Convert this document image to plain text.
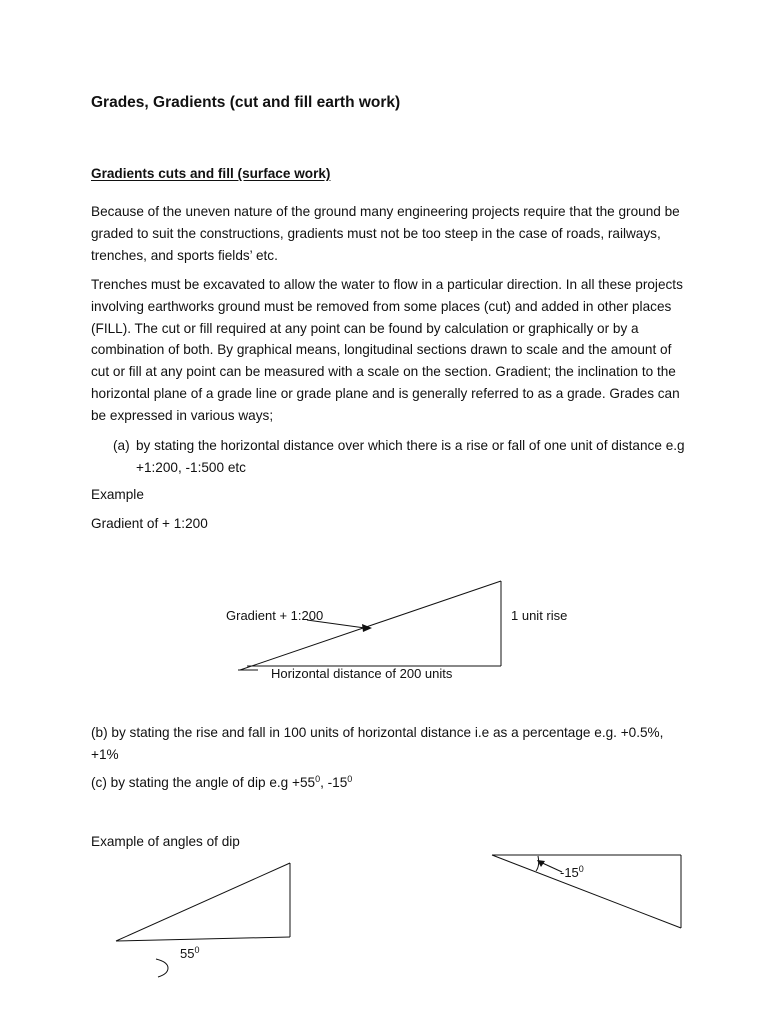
Grades, Gradients (cut and fill earth work)
Gradients cuts and fill (surface work)
Because of the uneven nature of the ground many engineering projects require that the ground be graded to suit the constructions, gradients must not be too steep in the case of roads, railways, trenches, and sports fields’ etc.
Trenches must be excavated to allow the water to flow in a particular direction. In all these projects involving earthworks ground must be removed from some places (cut) and added in other places (FILL). The cut or fill required at any point can be found by calculation or graphically or by a combination of both. By graphical means, longitudinal sections drawn to scale and the amount of cut or fill at any point can be measured with a scale on the section. Gradient; the inclination to the horizontal plane of a grade line or grade plane and is generally referred to as a grade. Grades can be expressed in various ways;
(a) by stating the horizontal distance over which there is a rise or fall of one unit of distance e.g +1:200, -1:500 etc
Example
Gradient of + 1:200
Gradient + 1:200	1 unit rise
Horizontal distance of 200 units
(b) by stating the rise and fall in 100 units of horizontal distance i.e as a percentage e.g. +0.5%, +1%
(c) by stating the angle of dip $e.g +55^0$, $-15^0$
Example of angles of dip
$55^0$
$-15^0$
